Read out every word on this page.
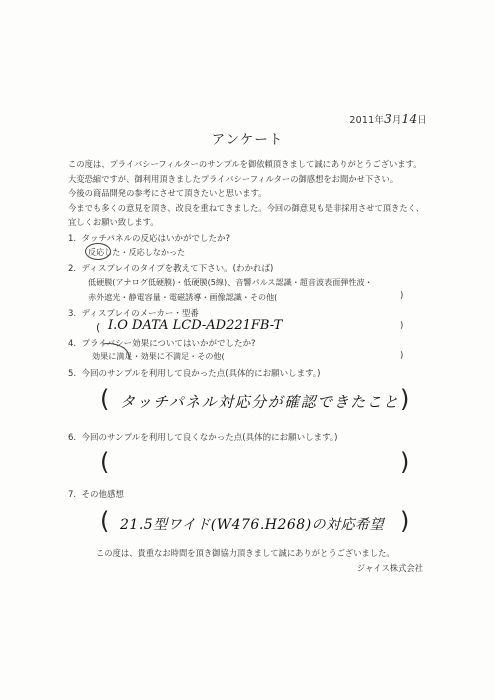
2011年3月14日
アンケート
この度は、プライバシーフィルターのサンプルを御依頼頂きまして誠にありがとうございます。
大変恐縮ですが、御利用頂きましたプライバシーフィルターの御感想をお聞かせ下さい。
今後の商品開発の参考にさせて頂きたいと思います。
今までも多くの意見を頂き、改良を重ねてきました。今回の御意見も是非採用させて頂きたく、
宜しくお願い致します。
1. タッチパネルの反応はいかがでしたか?
反応した・反応しなかった
2. ディスプレイのタイプを教えて下さい。(わかれば)
低硬膜(アナログ低硬膜)・低硬膜(5線)、音響パルス認識・超音波表面弾性波・
赤外遮光・静電容量・電磁誘導・画像認識・その他(	)
3. ディスプレイのメーカー・型番
( I.O DATA LCD-AD221FB-T	)
4. プライバシー効果についてはいかがでしたか?
効果に満足・効果に不満足・その他(	)
5. 今回のサンプルを利用して良かった点(具体的にお願いします。)
( タッチパネル対応分が確認できたこと )
6. 今回のサンプルを利用して良くなかった点(具体的にお願いします。)
(	)
7. その他感想
( 21.5型ワイド(W476.H268)の対応希望 )
この度は、貴重なお時間を頂き御協力頂きまして誠にありがとうございました。
ジャイス株式会社
